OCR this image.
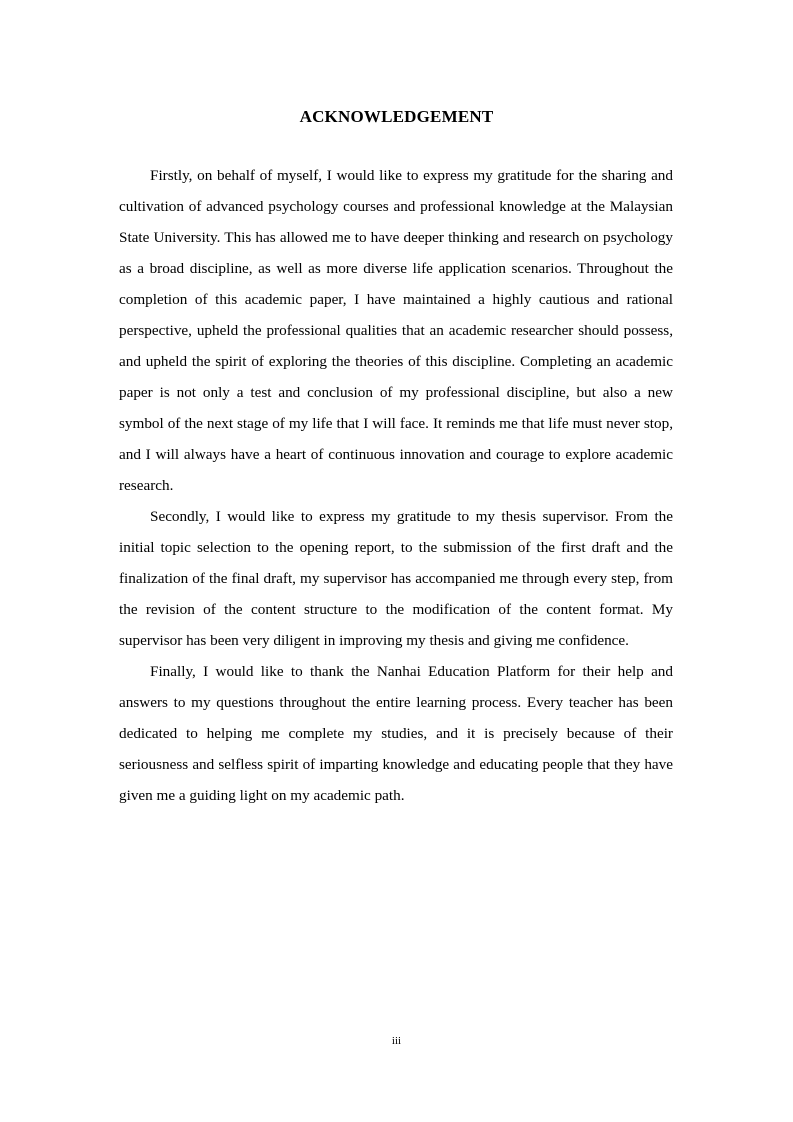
ACKNOWLEDGEMENT

Firstly, on behalf of myself, I would like to express my gratitude for the sharing and cultivation of advanced psychology courses and professional knowledge at the Malaysian State University. This has allowed me to have deeper thinking and research on psychology as a broad discipline, as well as more diverse life application scenarios. Throughout the completion of this academic paper, I have maintained a highly cautious and rational perspective, upheld the professional qualities that an academic researcher should possess, and upheld the spirit of exploring the theories of this discipline. Completing an academic paper is not only a test and conclusion of my professional discipline, but also a new symbol of the next stage of my life that I will face. It reminds me that life must never stop, and I will always have a heart of continuous innovation and courage to explore academic research.

Secondly, I would like to express my gratitude to my thesis supervisor. From the initial topic selection to the opening report, to the submission of the first draft and the finalization of the final draft, my supervisor has accompanied me through every step, from the revision of the content structure to the modification of the content format. My supervisor has been very diligent in improving my thesis and giving me confidence.

Finally, I would like to thank the Nanhai Education Platform for their help and answers to my questions throughout the entire learning process. Every teacher has been dedicated to helping me complete my studies, and it is precisely because of their seriousness and selfless spirit of imparting knowledge and educating people that they have given me a guiding light on my academic path.

iii
